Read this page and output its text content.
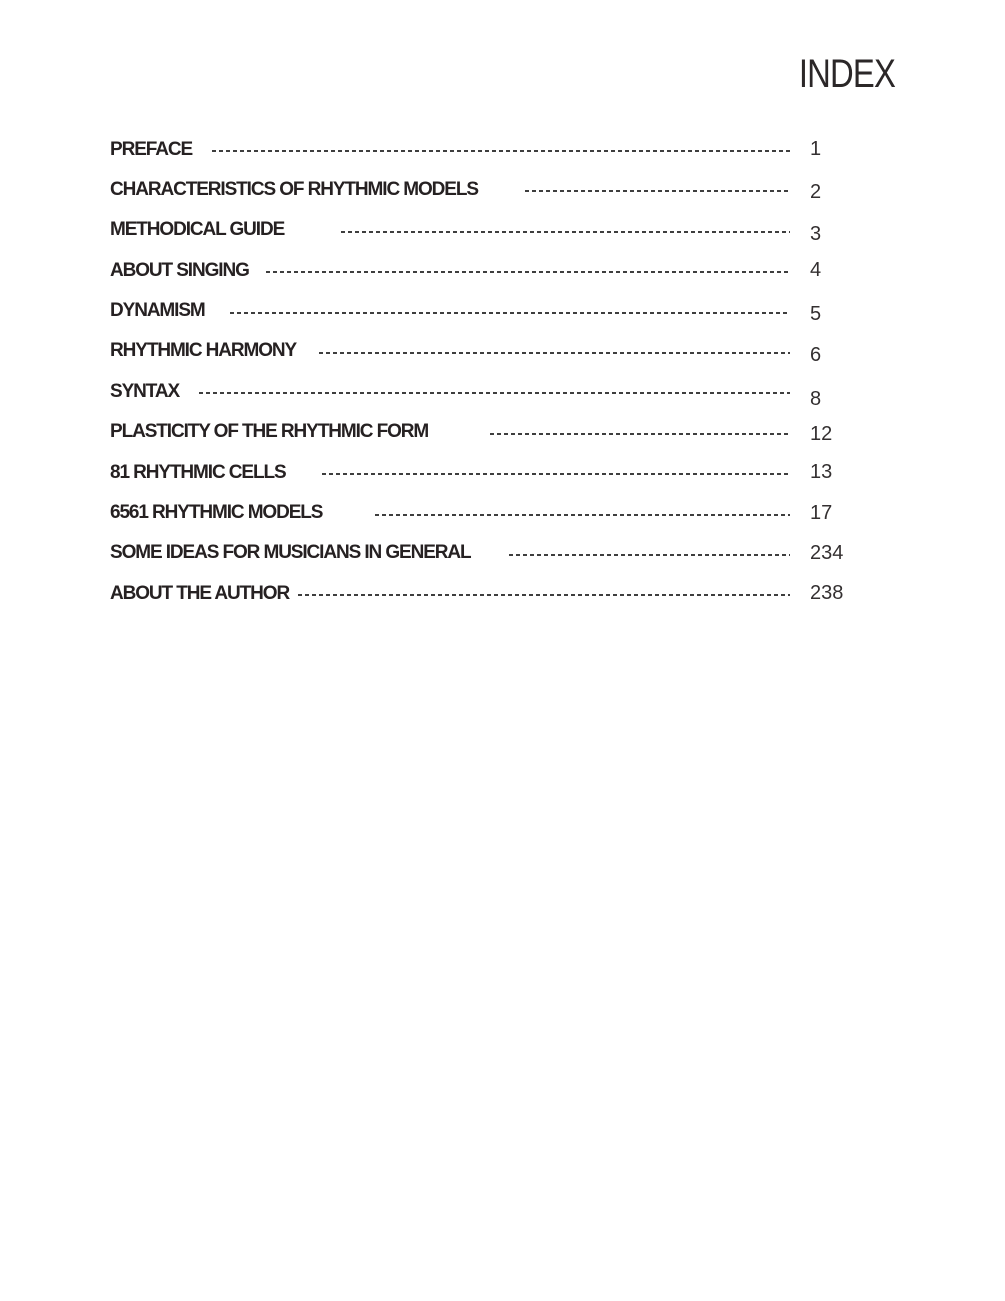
INDEX
PREFACE	1
CHARACTERISTICS OF RHYTHMIC MODELS	2
METHODICAL GUIDE	3
ABOUT SINGING	4
DYNAMISM	5
RHYTHMIC HARMONY	6
SYNTAX	8
PLASTICITY OF THE RHYTHMIC FORM	12
81 RHYTHMIC CELLS	13
6561 RHYTHMIC MODELS	17
SOME IDEAS FOR MUSICIANS IN GENERAL	234
ABOUT THE AUTHOR	238
